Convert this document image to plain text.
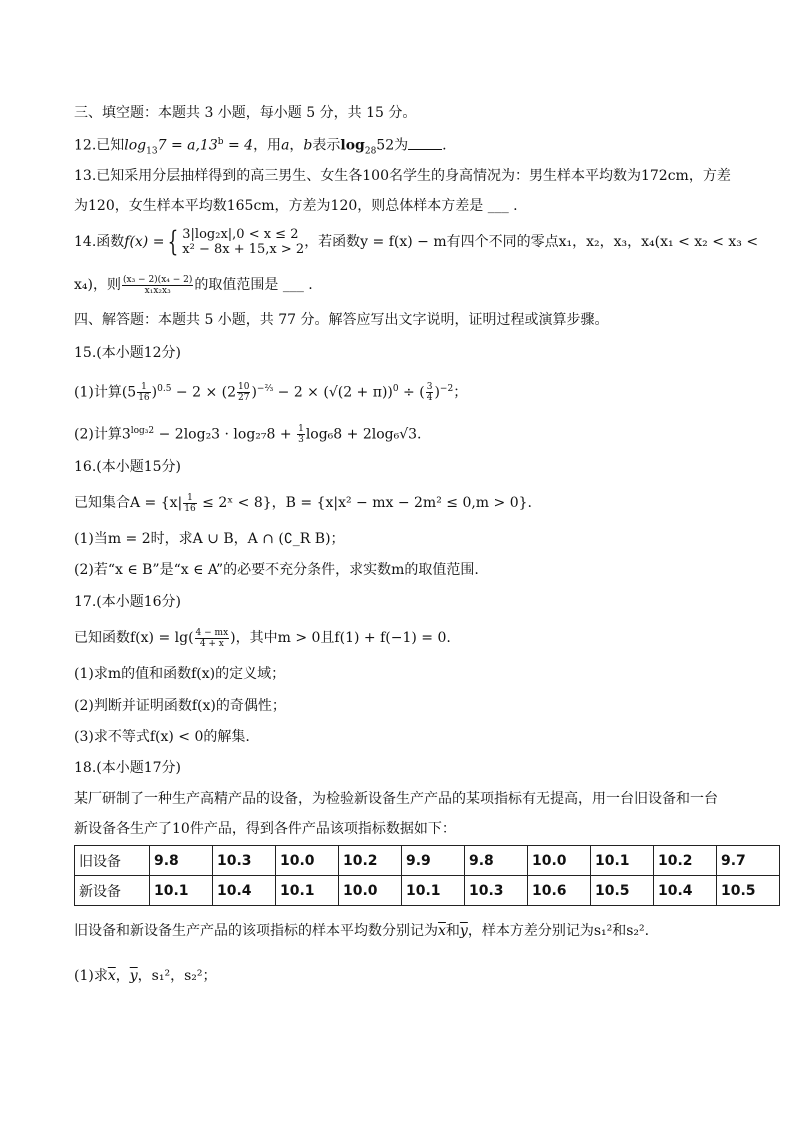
三、填空题：本题共 3 小题，每小题 5 分，共 15 分。
12.已知$\log_{13}7 = a,13^b = 4$，用a，b表示$\log_{28}52$为 .
13.已知采用分层抽样得到的高三男生、女生各100名学生的身高情况为：男生样本平均数为172cm，方差
为120，女生样本平均数165cm，方差为120，则总体样本方差是 ___ .
14.函数f(x) = { 3|log₂x|,0 < x ≤ 2
x² − 8x + 15,x > 2 ，若函数y = f(x) − m有四个不同的零点x₁，x₂，x₃，x₄(x₁ < x₂ < x₃ <
x₄)，则 $\frac{\text{(x₃ − 2)(x₄ − 2)}}{\text{x₁x₂x₃}}$ 的取值范围是 ___ .
四、解答题：本题共 5 小题，共 77 分。解答应写出文字说明，证明过程或演算步骤。
15.(本小题12分)
(1)计算$(5 \frac{1}{16} )^{0.5} - 2 \times (2 \frac{10}{27} )^{-\frac{2}{3}} - 2 \times (√(2 + \pi))^0$ ÷ ( $\frac{3}{4} )^{-2}$；
(2)计算$3^{log_32} - 2\log_23 \cdot \log_{27}8 + \frac{1}{3} \log_68 + 2\log_6√3$.
16.(本小题15分)
已知集合$A = \{x| \frac{1}{16}$ ≤ 2ˣ < 8}，B = {x|x² − mx − 2m² ≤ 0,m > 0}.
(1)当m = 2时，求A ∪ B，A ∩ (∁_R B)；
(2)若“x ∈ B”是“x ∈ A”的必要不充分条件，求实数m的取值范围.
17.(本小题16分)
已知函数$f(x) = \lg( \frac{4 - mx}{4 + x}$ )，其中m > 0且f(1) + f(−1) = 0.
(1)求m的值和函数f(x)的定义域；
(2)判断并证明函数f(x)的奇偶性；
(3)求不等式f(x) < 0的解集.
18.(本小题17分)
某厂研制了一种生产高精产品的设备，为检验新设备生产产品的某项指标有无提高，用一台旧设备和一台
新设备各生产了10件产品，得到各件产品该项指标数据如下：
旧设备	9.8	10.3	10.0	10.2	9.9	9.8	10.0	10.1	10.2	9.7
新设备	10.1	10.4	10.1	10.0	10.1	10.3	10.6	10.5	10.4	10.5
旧设备和新设备生产产品的该项指标的样本平均数分别记为$\overline{x}$和$\overline{y}$，样本方差分别记为s₁²和s₂².
(1)求$\overline{x}$，$\overline{y}$，s₁²，s₂²；
